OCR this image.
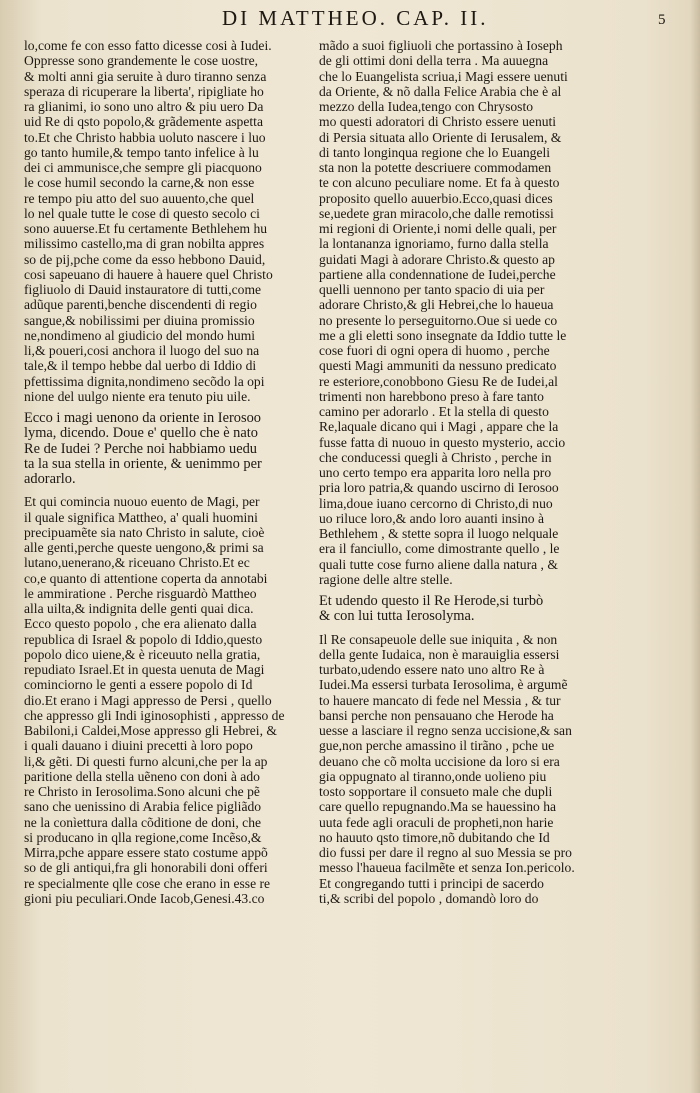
DI MATTHEO. CAP. II.	5
lo,come fe con esso fatto dicesse cosi à Iudei.
Oppresse sono grandemente le cose uostre,
& molti anni gia seruite à duro tiranno senza
speraza di ricuperare la liberta', ripigliate ho
ra glianimi, io sono uno altro & piu uero Da
uid Re di qsto popolo,& grãdemente aspetta
to.Et che Christo habbia uoluto nascere i luo
go tanto humile,& tempo tanto infelice à lu
dei ci ammunisce,che sempre gli piacquono
le cose humil secondo la carne,& non esse
re tempo piu atto del suo auuento,che quel
lo nel quale tutte le cose di questo secolo ci
sono auuerse.Et fu certamente Bethlehem hu
milissimo castello,ma di gran nobilta appres
so de pij,pche come da esso hebbono Dauid,
cosi sapeuano di hauere à hauere quel Christo
figliuolo di Dauid instauratore di tutti,come
adũque parenti,benche discendenti di regio
sangue,& nobilissimi per diuina promissio
ne,nondimeno al giudicio del mondo humi
li,& poueri,cosi anchora il luogo del suo na
tale,& il tempo hebbe dal uerbo di Iddio di
pfettissima dignita,nondimeno secõdo la opi
nione del uulgo niente era tenuto piu uile.
Ecco i magi uenono da oriente in Ierosoo
lyma, dicendo. Doue e' quello che è nato
Re de Iudei ? Perche noi habbiamo uedu
ta la sua stella in oriente, & uenimmo per
adorarlo.
Et qui comincia nuouo euento de Magi, per
il quale significa Mattheo, a' quali huomini
precipuamẽte sia nato Christo in salute, cioè
alle genti,perche queste uengono,& primi sa
lutano,uenerano,& riceuano Christo.Et ec
co,e quanto di attentione coperta da annotabi
le ammiratione . Perche risguardò Mattheo
alla uilta,& indignita delle genti quai dica.
Ecco questo popolo , che era alienato dalla
republica di Israel & popolo di Iddio,questo
popolo dico uiene,& è riceuuto nella gratia,
repudiato Israel.Et in questa uenuta de Magi
cominciorno le genti a essere popolo di Id
dio.Et erano i Magi appresso de Persi , quello
che appresso gli Indi iginosophisti , appresso de
Babiloni,i Caldei,Mose appresso gli Hebrei, &
i quali dauano i diuini precetti à loro popo
li,& gẽti. Di questi furno alcuni,che per la ap
paritione della stella uẽneno con doni à ado
re Christo in Ierosolima.Sono alcuni che pẽ
sano che uenissino di Arabia felice pigliãdo
ne la conìettura dalla cõditione de doni, che
si producano in qlla regione,come Incẽso,&
Mirra,pche appare essere stato costume appõ
so de gli antiqui,fra gli honorabili doni offeri
re specialmente qlle cose che erano in esse re
gioni piu peculiari.Onde Iacob,Genesi.43.co
mãdo a suoi figliuoli che portassino à Ioseph
de gli ottimi doni della terra . Ma auuegna
che lo Euangelista scriua,i Magi essere uenuti
da Oriente, & nõ dalla Felice Arabia che è al
mezzo della Iudea,tengo con Chrysosto
mo questi adoratori di Christo essere uenuti
di Persia situata allo Oriente di Ierusalem, &
di tanto longinqua regione che lo Euangeli
sta non la potette descriuere commodamen
te con alcuno peculiare nome. Et fa à questo
proposito quello auuerbio.Ecco,quasi dices
se,uedete gran miracolo,che dalle remotissi
mi regioni di Oriente,i nomi delle quali, per
la lontananza ignoriamo, furno dalla stella
guidati Magi à adorare Christo.& questo ap
partiene alla condennatione de Iudei,perche
quelli uennono per tanto spacio di uia per
adorare Christo,& gli Hebrei,che lo haueua
no presente lo perseguitorno.Oue si uede co
me a gli eletti sono insegnate da Iddio tutte le
cose fuori di ogni opera di huomo , perche
questi Magi ammuniti da nessuno predicato
re esteriore,conobbono Giesu Re de Iudei,al
trimenti non harebbono preso à fare tanto
camino per adorarlo . Et la stella di questo
Re,laquale dicano qui i Magi , appare che la
fusse fatta di nuouo in questo mysterio, accio
che conducessi quegli à Christo , perche in
uno certo tempo era apparita loro nella pro
pria loro patria,& quando uscirno di Ierosoo
lima,doue iuano cercorno di Christo,di nuo
uo riluce loro,& ando loro auanti insino à
Bethlehem , & stette sopra il luogo nelquale
era il fanciullo, come dimostrante quello , le
quali tutte cose furno aliene dalla natura , &
ragione delle altre stelle.
Et udendo questo il Re Herode,si turbò
& con lui tutta Ierosolyma.
Il Re consapeuole delle sue iniquita , & non
della gente Iudaica, non è marauiglia essersi
turbato,udendo essere nato uno altro Re à
Iudei.Ma essersi turbata Ierosolima, è argumẽ
to hauere mancato di fede nel Messia , & tur
bansi perche non pensauano che Herode ha
uesse a lasciare il regno senza uccisione,& san
gue,non perche amassino il tirãno , pche ue
deuano che cõ molta uccisione da loro si era
gia oppugnato al tiranno,onde uolieno piu
tosto sopportare il consueto male che dupli
care quello repugnando.Ma se hauessino ha
uuta fede agli oraculi de propheti,non harie
no hauuto qsto timore,nõ dubitando che Id
dio fussi per dare il regno al suo Messia se pro
messo l'haueua facilmẽte et senza Ion.pericolo.
Et congregando tutti i principi de sacerdo
ti,& scribi del popolo , domandò loro do
